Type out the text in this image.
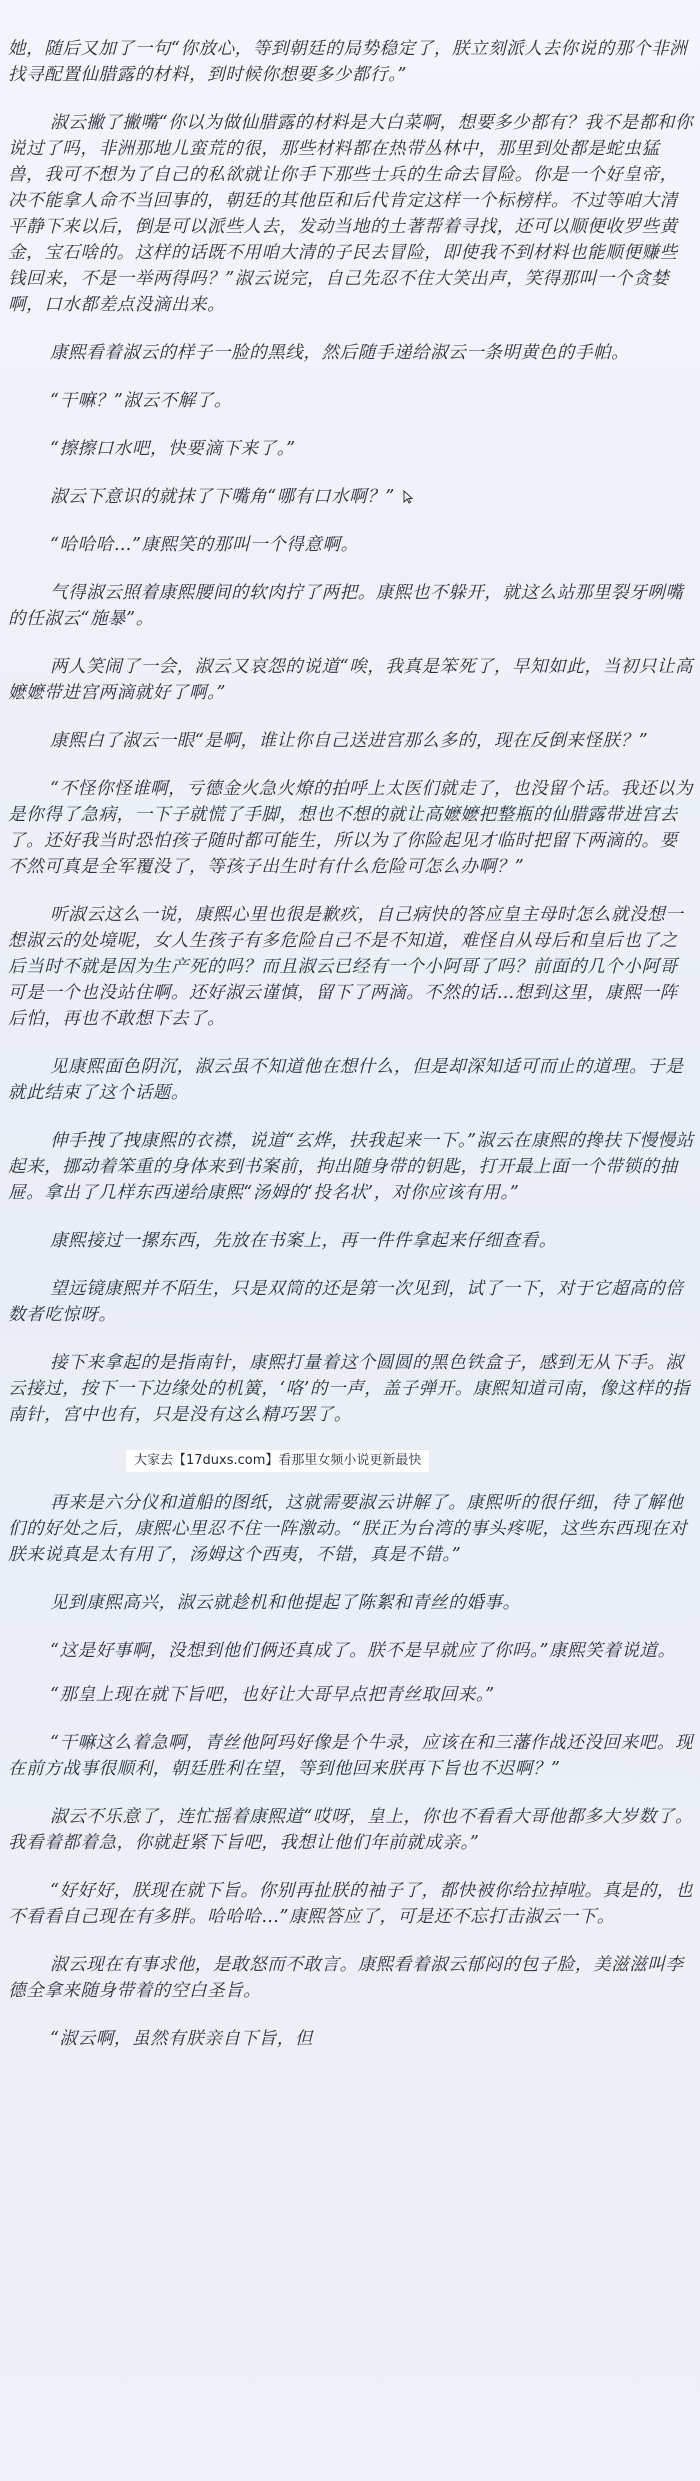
她，随后又加了一句“你放心，等到朝廷的局势稳定了，朕立刻派人去你说的那个非洲找寻配置仙腊露的材料，到时候你想要多少都行。”

淑云撇了撇嘴“你以为做仙腊露的材料是大白菜啊，想要多少都有？我不是都和你说过了吗，非洲那地儿蛮荒的很，那些材料都在热带丛林中，那里到处都是蛇虫猛兽，我可不想为了自己的私欲就让你手下那些士兵的生命去冒险。你是一个好皇帝，决不能拿人命不当回事的，朝廷的其他臣和后代肯定这样一个标榜样。不过等咱大清平静下来以后，倒是可以派些人去，发动当地的土著帮着寻找，还可以顺便收罗些黄金，宝石啥的。这样的话既不用咱大清的子民去冒险，即使我不到材料也能顺便赚些钱回来，不是一举两得吗？”淑云说完，自己先忍不住大笑出声，笑得那叫一个贪婪啊，口水都差点没滴出来。

康熙看着淑云的样子一脸的黑线，然后随手递给淑云一条明黄色的手帕。

“干嘛？”淑云不解了。

“擦擦口水吧，快要滴下来了。”

淑云下意识的就抹了下嘴角“哪有口水啊？”

“哈哈哈…”康熙笑的那叫一个得意啊。

气得淑云照着康熙腰间的软肉拧了两把。康熙也不躲开，就这么站那里裂牙咧嘴的任淑云“施暴”。

两人笑闹了一会，淑云又哀怨的说道“唉，我真是笨死了，早知如此，当初只让高嬷嬷带进宫两滴就好了啊。”

康熙白了淑云一眼“是啊，谁让你自己送进宫那么多的，现在反倒来怪朕？”

“不怪你怪谁啊，亏德金火急火燎的拍呼上太医们就走了，也没留个话。我还以为是你得了急病，一下子就慌了手脚，想也不想的就让高嬷嬷把整瓶的仙腊露带进宫去了。还好我当时恐怕孩子随时都可能生，所以为了你险起见才临时把留下两滴的。要不然可真是全军覆没了，等孩子出生时有什么危险可怎么办啊？”

听淑云这么一说，康熙心里也很是歉疚，自己病快的答应皇主母时怎么就没想一想淑云的处境呢，女人生孩子有多危险自己不是不知道，难怪自从母后和皇后也了之后当时不就是因为生产死的吗？而且淑云已经有一个小阿哥了吗？前面的几个小阿哥可是一个也没站住啊。还好淑云谨慎，留下了两滴。不然的话…想到这里，康熙一阵后怕，再也不敢想下去了。

见康熙面色阴沉，淑云虽不知道他在想什么，但是却深知适可而止的道理。于是就此结束了这个话题。

伸手拽了拽康熙的衣襟，说道“玄烨，扶我起来一下。”淑云在康熙的搀扶下慢慢站起来，挪动着笨重的身体来到书案前，拘出随身带的钥匙，打开最上面一个带锁的抽屉。拿出了几样东西递给康熙“汤姆的‘投名状’，对你应该有用。”

康熙接过一摞东西，先放在书案上，再一件件拿起来仔细查看。

望远镜康熙并不陌生，只是双筒的还是第一次见到，试了一下，对于它超高的倍数者吃惊呀。

接下来拿起的是指南针，康熙打量着这个圆圆的黑色铁盒子，感到无从下手。淑云接过，按下一下边缘处的机簧，‘咯’的一声，盖子弹开。康熙知道司南，像这样的指南针，宫中也有，只是没有这么精巧罢了。

大家去【17duxs.com】看那里女频小说更新最快

再来是六分仪和道船的图纸，这就需要淑云讲解了。康熙听的很仔细，待了解他们的好处之后，康熙心里忍不住一阵激动。“朕正为台湾的事头疼呢，这些东西现在对朕来说真是太有用了，汤姆这个西夷，不错，真是不错。”

见到康熙高兴，淑云就趁机和他提起了陈絮和青丝的婚事。

“这是好事啊，没想到他们俩还真成了。朕不是早就应了你吗。”康熙笑着说道。

“那皇上现在就下旨吧，也好让大哥早点把青丝取回来。”

“干嘛这么着急啊，青丝他阿玛好像是个牛录，应该在和三藩作战还没回来吧。现在前方战事很顺利，朝廷胜利在望，等到他回来朕再下旨也不迟啊？”

淑云不乐意了，连忙摇着康熙道“哎呀，皇上，你也不看看大哥他都多大岁数了。我看着都着急，你就赶紧下旨吧，我想让他们年前就成亲。”

“好好好，朕现在就下旨。你别再扯朕的袖子了，都快被你给拉掉啦。真是的，也不看看自己现在有多胖。哈哈哈…”康熙答应了，可是还不忘打击淑云一下。

淑云现在有事求他，是敢怒而不敢言。康熙看着淑云郁闷的包子脸，美滋滋叫李德全拿来随身带着的空白圣旨。

“淑云啊，虽然有朕亲自下旨，但
